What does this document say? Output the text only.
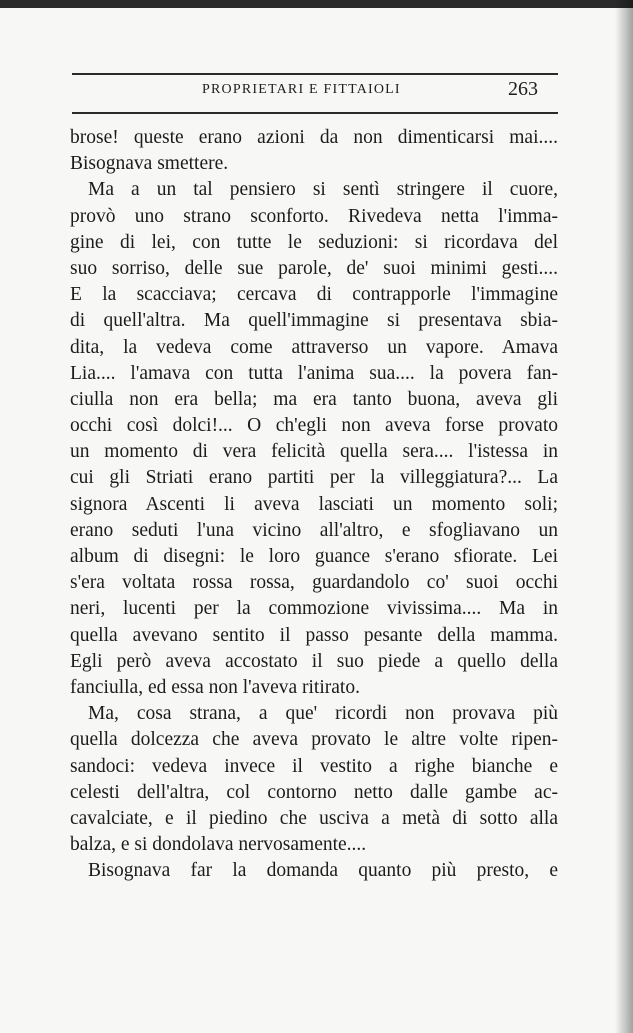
PROPRIETARI E FITTAIOLI	263
brose! queste erano azioni da non dimenticarsi mai....
Bisognava smettere.
Ma a un tal pensiero si sentì stringere il cuore,
provò uno strano sconforto. Rivedeva netta l'imma-
gine di lei, con tutte le seduzioni: si ricordava del
suo sorriso, delle sue parole, de' suoi minimi gesti....
E la scacciava; cercava di contrapporle l'immagine
di quell'altra. Ma quell'immagine si presentava sbia-
dita, la vedeva come attraverso un vapore. Amava
Lia.... l'amava con tutta l'anima sua.... la povera fan-
ciulla non era bella; ma era tanto buona, aveva gli
occhi così dolci!... O ch'egli non aveva forse provato
un momento di vera felicità quella sera.... l'istessa in
cui gli Striati erano partiti per la villeggiatura?... La
signora Ascenti li aveva lasciati un momento soli;
erano seduti l'una vicino all'altro, e sfogliavano un
album di disegni: le loro guance s'erano sfiorate. Lei
s'era voltata rossa rossa, guardandolo co' suoi occhi
neri, lucenti per la commozione vivissima.... Ma in
quella avevano sentito il passo pesante della mamma.
Egli però aveva accostato il suo piede a quello della
fanciulla, ed essa non l'aveva ritirato.
Ma, cosa strana, a que' ricordi non provava più
quella dolcezza che aveva provato le altre volte ripen-
sandoci: vedeva invece il vestito a righe bianche e
celesti dell'altra, col contorno netto dalle gambe ac-
cavalciate, e il piedino che usciva a metà di sotto alla
balza, e si dondolava nervosamente....
Bisognava far la domanda quanto più presto, e
